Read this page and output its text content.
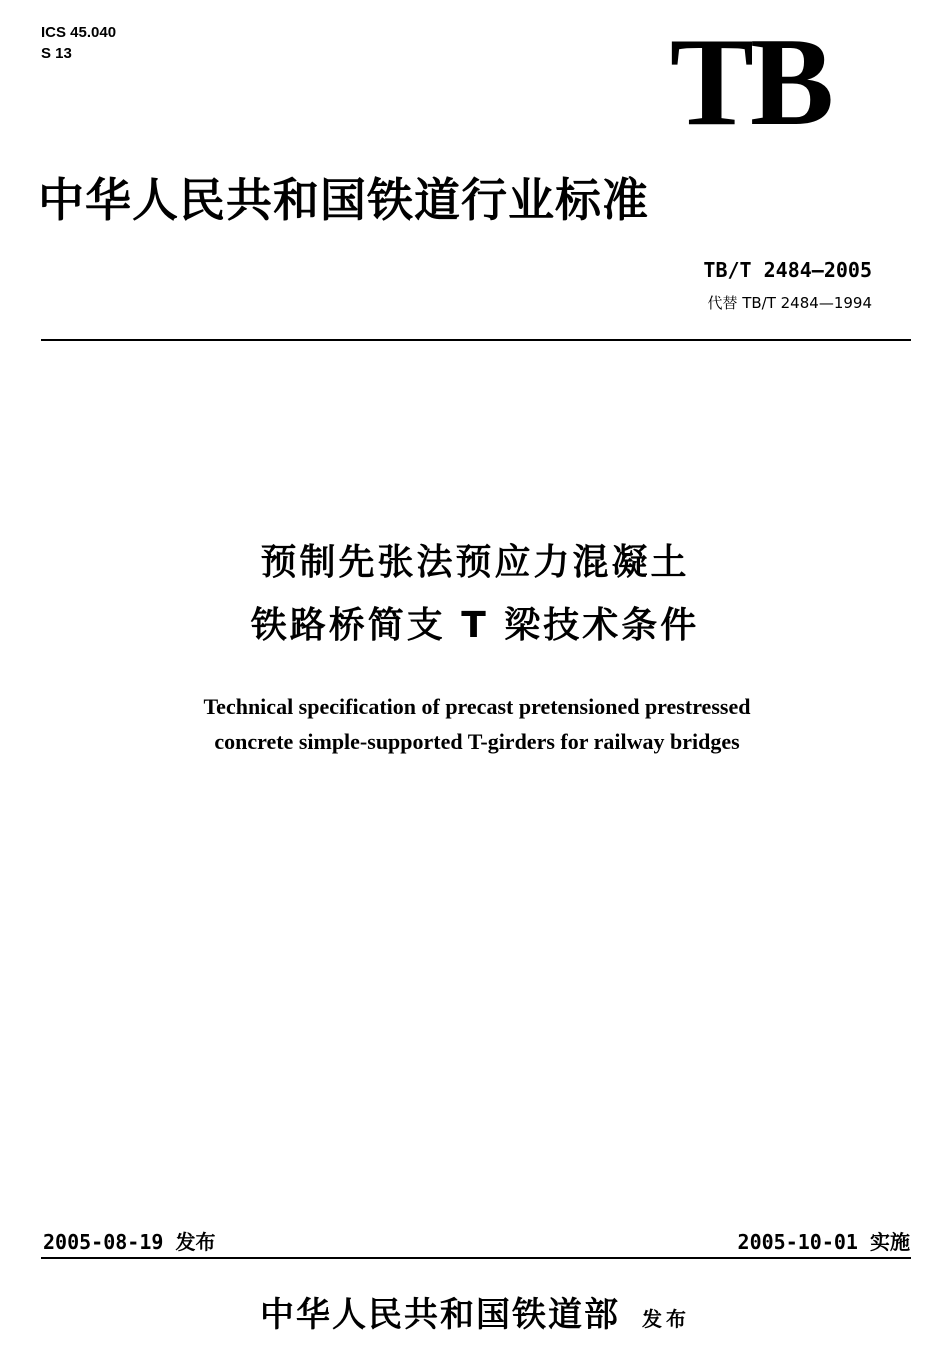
ICS 45.040
S 13	TB
中华人民共和国铁道行业标准
TB/T 2484—2005
代替 TB/T 2484—1994
预制先张法预应力混凝土
铁路桥简支 T 梁技术条件
Technical specification of precast pretensioned prestressed
concrete simple-supported T-girders for railway bridges
2005-08-19 发布	2005-10-01 实施
中华人民共和国铁道部 发布
